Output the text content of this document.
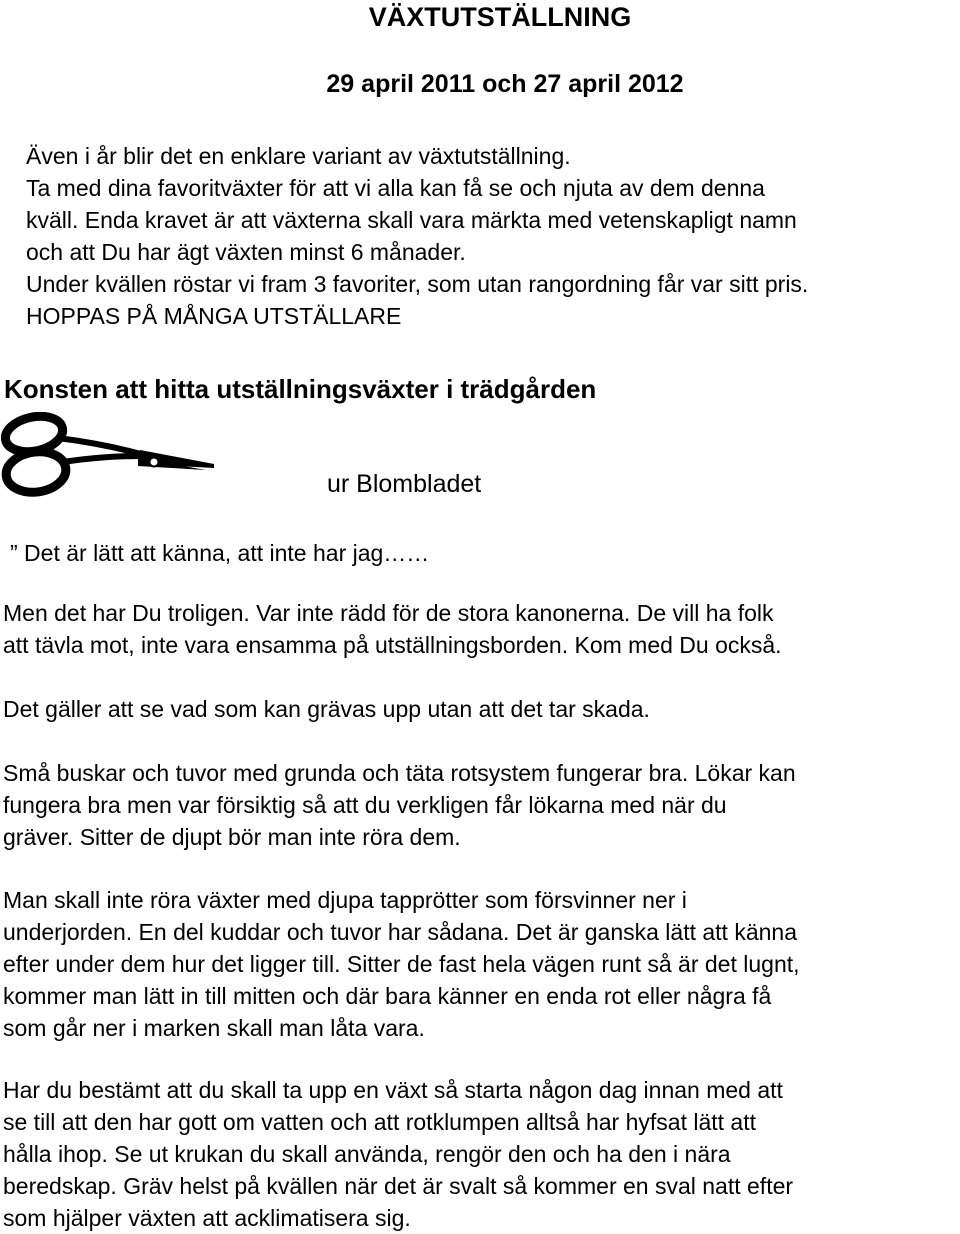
VÄXTUTSTÄLLNING
29 april 2011 och 27 april 2012
Även i år blir det en enklare variant av växtutställning.
Ta med dina favoritväxter för att vi alla kan få se och njuta av dem denna
kväll. Enda kravet är att växterna skall vara märkta med vetenskapligt namn
och att Du har ägt växten minst 6 månader.
Under kvällen röstar vi fram 3 favoriter, som utan rangordning får var sitt pris.
HOPPAS PÅ MÅNGA UTSTÄLLARE
Konsten att hitta utställningsväxter i trädgården

ur Blombladet

” Det är lätt att känna, att inte har jag……

Men det har Du troligen. Var inte rädd för de stora kanonerna. De vill ha folk
att tävla mot, inte vara ensamma på utställningsborden. Kom med Du också.
Det gäller att se vad som kan grävas upp utan att det tar skada.
Små buskar och tuvor med grunda och täta rotsystem fungerar bra. Lökar kan
fungera bra men var försiktig så att du verkligen får lökarna med när du
gräver. Sitter de djupt bör man inte röra dem.
Man skall inte röra växter med djupa tapprötter som försvinner ner i
underjorden. En del kuddar och tuvor har sådana. Det är ganska lätt att känna
efter under dem hur det ligger till. Sitter de fast hela vägen runt så är det lugnt,
kommer man lätt in till mitten och där bara känner en enda rot eller några få
som går ner i marken skall man låta vara.
Har du bestämt att du skall ta upp en växt så starta någon dag innan med att
se till att den har gott om vatten och att rotklumpen alltså har hyfsat lätt att
hålla ihop. Se ut krukan du skall använda, rengör den och ha den i nära
beredskap. Gräv helst på kvällen när det är svalt så kommer en sval natt efter
som hjälper växten att acklimatisera sig.
